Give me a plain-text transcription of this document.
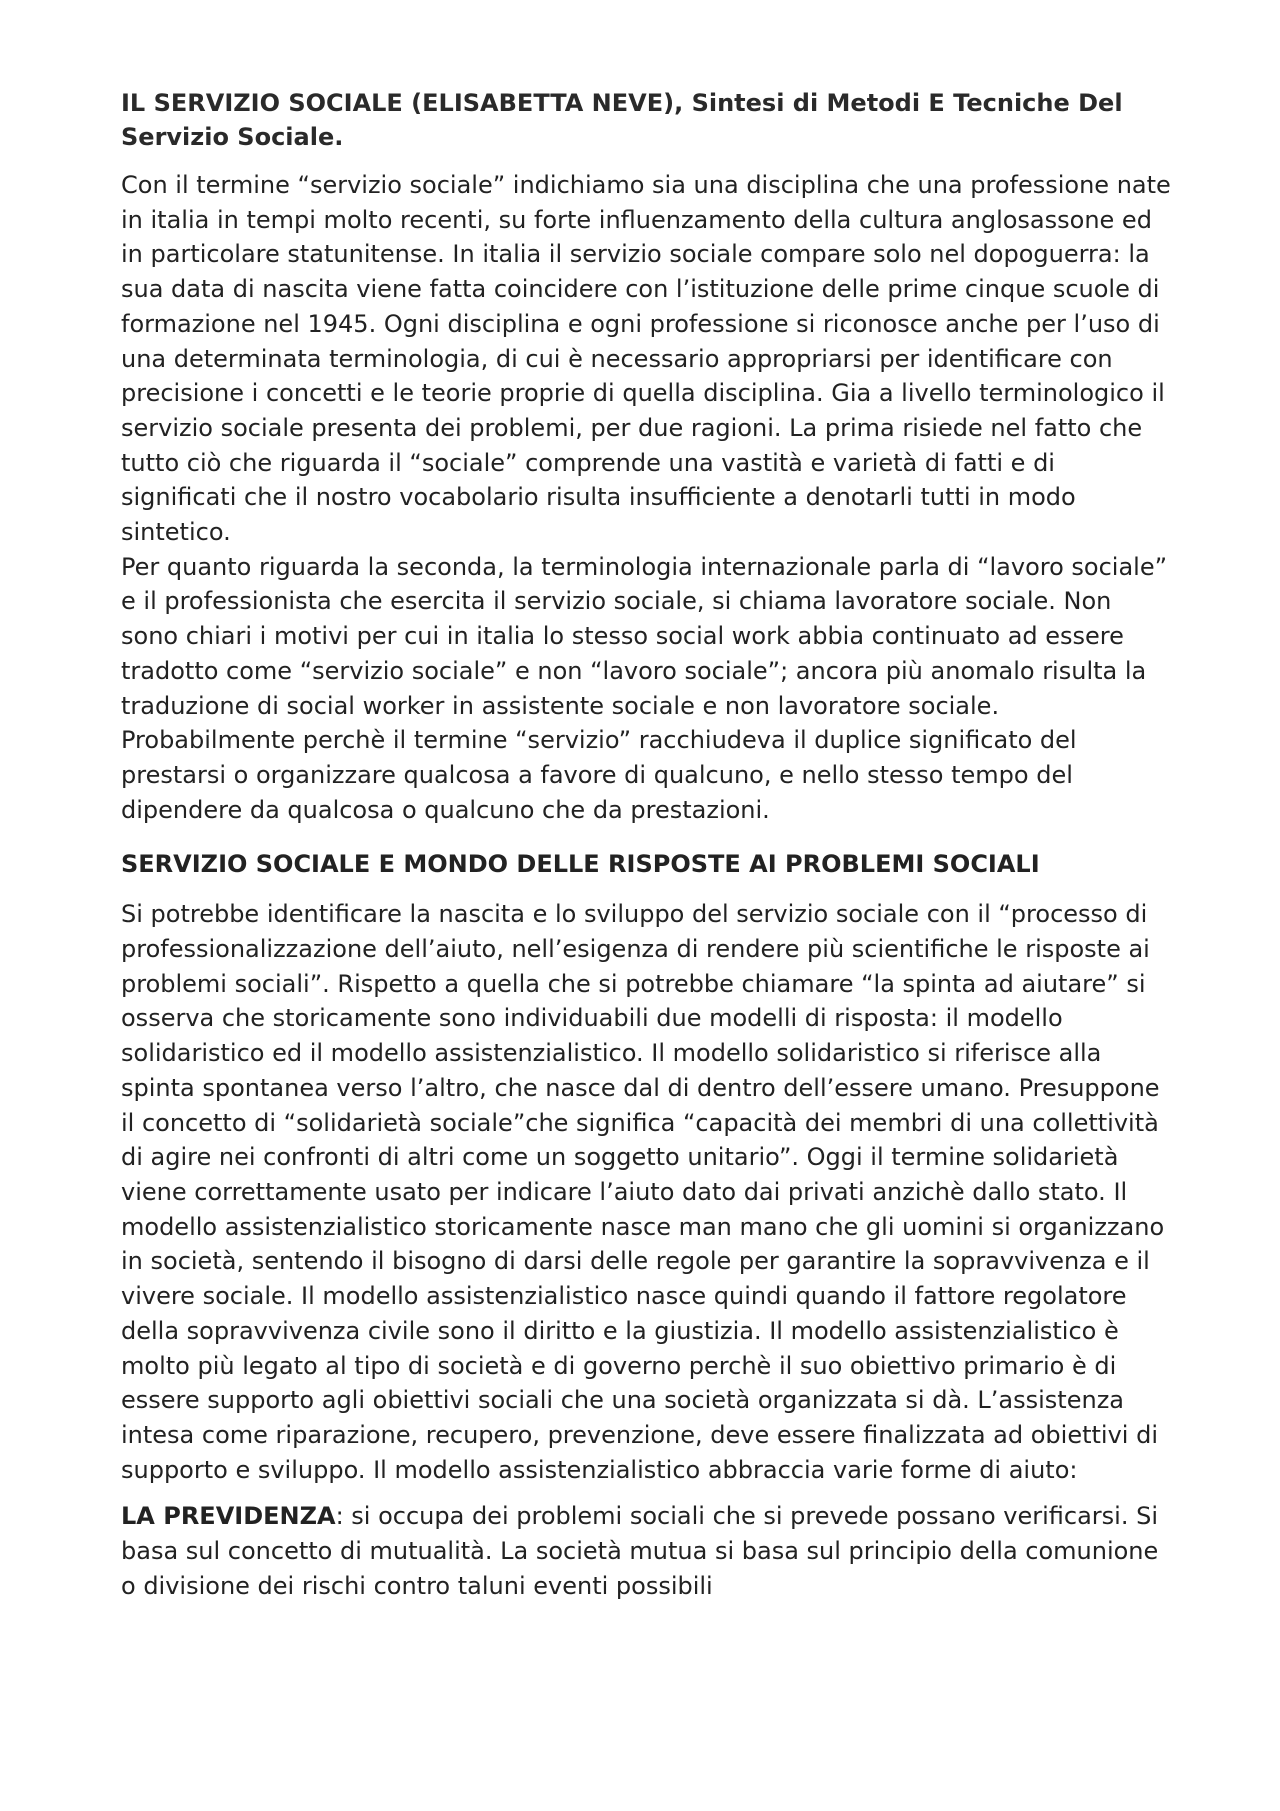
IL SERVIZIO SOCIALE (ELISABETTA NEVE), Sintesi di Metodi E Tecniche Del Servizio Sociale.

Con il termine “servizio sociale” indichiamo sia una disciplina che una professione nate in italia in tempi molto recenti, su forte influenzamento della cultura anglosassone ed in particolare statunitense. In italia il servizio sociale compare solo nel dopoguerra: la sua data di nascita viene fatta coincidere con l’istituzione delle prime cinque scuole di formazione nel 1945. Ogni disciplina e ogni professione si riconosce anche per l’uso di una determinata terminologia, di cui è necessario appropriarsi per identificare con precisione i concetti e le teorie proprie di quella disciplina. Gia a livello terminologico il servizio sociale presenta dei problemi, per due ragioni. La prima risiede nel fatto che tutto ciò che riguarda il “sociale” comprende una vastità e varietà di fatti e di significati che il nostro vocabolario risulta insufficiente a denotarli tutti in modo sintetico.

Per quanto riguarda la seconda, la terminologia internazionale parla di “lavoro sociale” e il professionista che esercita il servizio sociale, si chiama lavoratore sociale. Non sono chiari i motivi per cui in italia lo stesso social work abbia continuato ad essere tradotto come “servizio sociale” e non “lavoro sociale”; ancora più anomalo risulta la traduzione di social worker in assistente sociale e non lavoratore sociale. Probabilmente perchè il termine “servizio” racchiudeva il duplice significato del prestarsi o organizzare qualcosa a favore di qualcuno, e nello stesso tempo del dipendere da qualcosa o qualcuno che da prestazioni.

SERVIZIO SOCIALE E MONDO DELLE RISPOSTE AI PROBLEMI SOCIALI

Si potrebbe identificare la nascita e lo sviluppo del servizio sociale con il “processo di professionalizzazione dell’aiuto, nell’esigenza di rendere più scientifiche le risposte ai problemi sociali”. Rispetto a quella che si potrebbe chiamare “la spinta ad aiutare” si osserva che storicamente sono individuabili due modelli di risposta: il modello solidaristico ed il modello assistenzialistico. Il modello solidaristico si riferisce alla spinta spontanea verso l’altro, che nasce dal di dentro dell’essere umano. Presuppone il concetto di “solidarietà sociale”che significa “capacità dei membri di una collettività di agire nei confronti di altri come un soggetto unitario”. Oggi il termine solidarietà viene correttamente usato per indicare l’aiuto dato dai privati anzichè dallo stato. Il modello assistenzialistico storicamente nasce man mano che gli uomini si organizzano in società, sentendo il bisogno di darsi delle regole per garantire la sopravvivenza e il vivere sociale. Il modello assistenzialistico nasce quindi quando il fattore regolatore della sopravvivenza civile sono il diritto e la giustizia. Il modello assistenzialistico è molto più legato al tipo di società e di governo perchè il suo obiettivo primario è di essere supporto agli obiettivi sociali che una società organizzata si dà. L’assistenza intesa come riparazione, recupero, prevenzione, deve essere finalizzata ad obiettivi di supporto e sviluppo. Il modello assistenzialistico abbraccia varie forme di aiuto:

LA PREVIDENZA: si occupa dei problemi sociali che si prevede possano verificarsi. Si basa sul concetto di mutualità. La società mutua si basa sul principio della comunione o divisione dei rischi contro taluni eventi possibili
